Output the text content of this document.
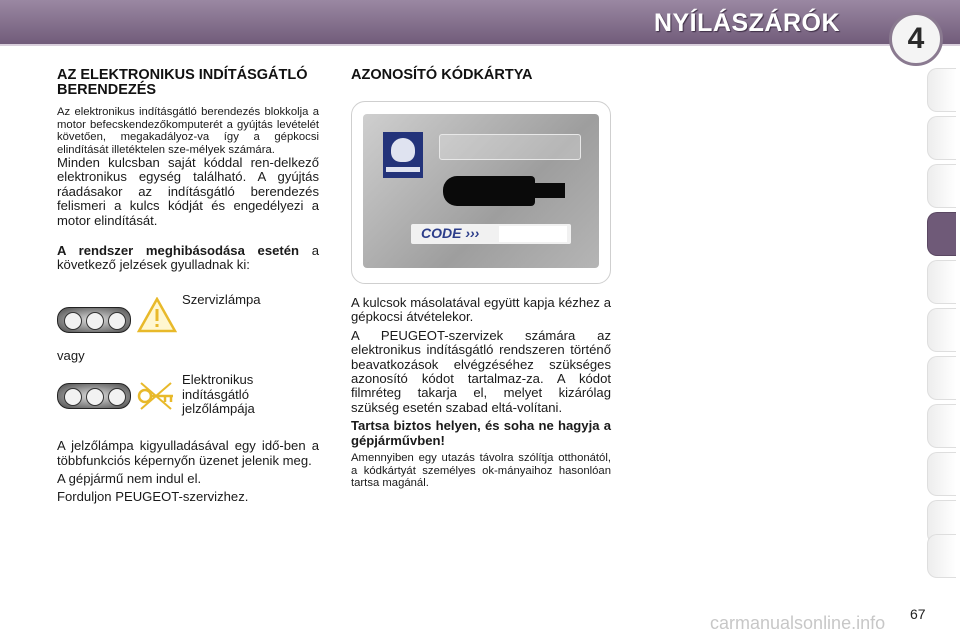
NYÍLÁSZÁRÓK	4
AZ ELEKTRONIKUS INDÍTÁSGÁTLÓ BERENDEZÉS

Az elektronikus indításgátló berendezés blokkolja a motor befecskendezőkomputerét a gyújtás levételét követően, megakadályoz-va így a gépkocsi elindítását illetéktelen sze-mélyek számára.

Minden kulcsban saját kóddal ren-delkező elektronikus egység található. A gyújtás ráadásakor az indításgátló berendezés felismeri a kulcs kódját és engedélyezi a motor elindítását.

A rendszer meghibásodása esetén a következő jelzések gyulladnak ki:

Szervizlámpa

vagy

Elektronikus indításgátló jelzőlámpája

A jelzőlámpa kigyulladásával egy idő-ben a többfunkciós képernyőn üzenet jelenik meg.

A gépjármű nem indul el.

Forduljon PEUGEOT-szervizhez.

AZONOSÍTÓ KÓDKÁRTYA
CODE ›››

A kulcsok másolatával együtt kapja kézhez a gépkocsi átvételekor.

A PEUGEOT-szervizek számára az elektronikus indításgátló rendszeren történő beavatkozások elvégzéséhez szükséges azonosító kódot tartalmaz-za. A kódot filmréteg takarja el, melyet kizárólag szükség esetén szabad eltá-volítani.

Tartsa biztos helyen, és soha ne hagyja a gépjárművben!

Amennyiben egy utazás távolra szólítja otthonától, a kódkártyát személyes ok-mányaihoz hasonlóan tartsa magánál.

67
carmanualsonline.info
